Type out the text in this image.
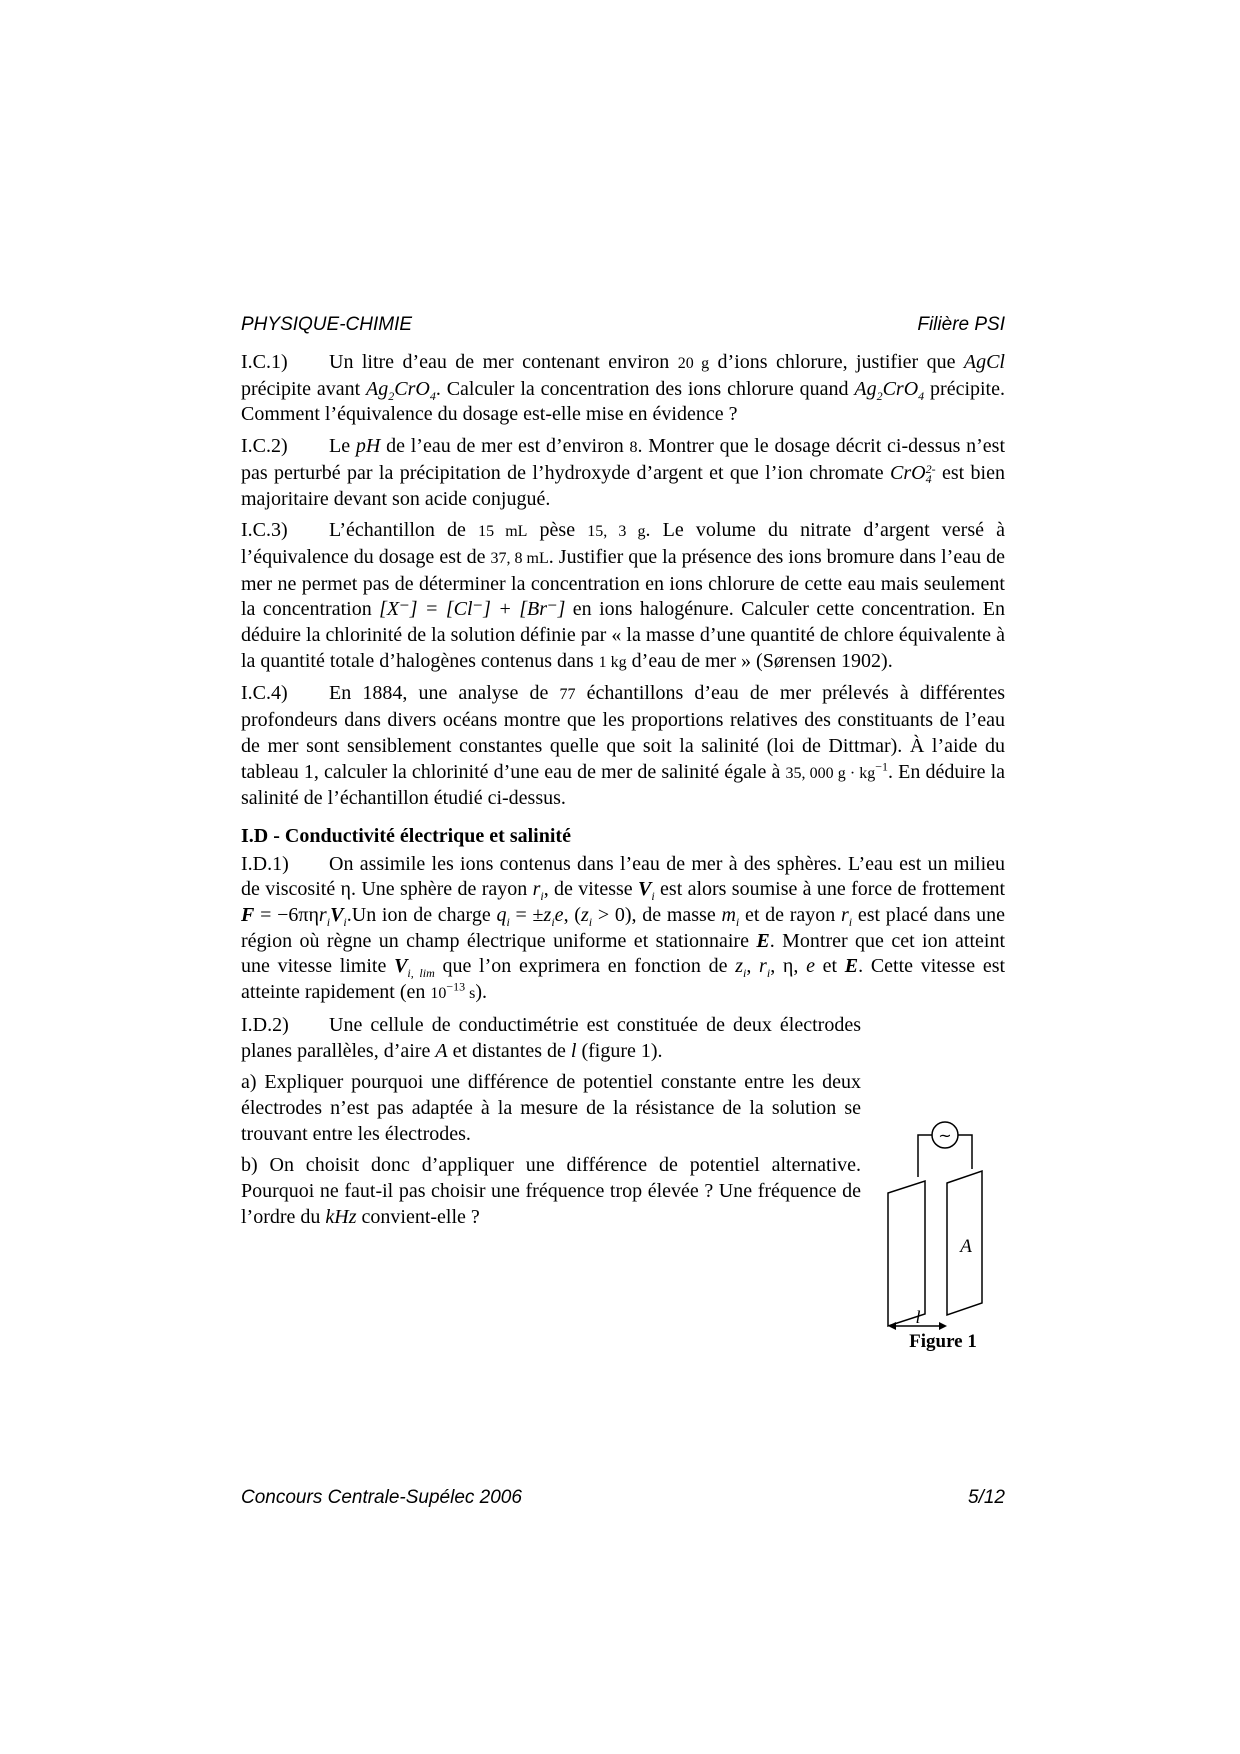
PHYSIQUE-CHIMIE	Filière PSI

I.C.1) Un litre d’eau de mer contenant environ 20 g d’ions chlorure, justifier que AgCl précipite avant $Ag_2CrO_4$. Calculer la concentration des ions chlorure quand $Ag_2CrO_4$ précipite. Comment l’équivalence du dosage est-elle mise en évidence ?

I.C.2) Le pH de l’eau de mer est d’environ 8. Montrer que le dosage décrit ci-dessus n’est pas perturbé par la précipitation de l’hydroxyde d’argent et que l’ion chromate CrO 2-
4 est bien majoritaire devant son acide conjugué.

I.C.3) L’échantillon de 15 mL pèse 15, 3 g. Le volume du nitrate d’argent versé à l’équivalence du dosage est de 37, 8 mL. Justifier que la présence des ions bromure dans l’eau de mer ne permet pas de déterminer la concentration en ions chlorure de cette eau mais seulement la concentration [X⁻] = [Cl⁻] + [Br⁻] en ions halogénure. Calculer cette concentration. En déduire la chlorinité de la solution définie par « la masse d’une quantité de chlore équivalente à la quantité totale d’halogènes contenus dans 1 kg d’eau de mer » (Sørensen 1902).

I.C.4) En 1884, une analyse de 77 échantillons d’eau de mer prélevés à différentes profondeurs dans divers océans montre que les proportions relatives des constituants de l’eau de mer sont sensiblement constantes quelle que soit la salinité (loi de Dittmar). À l’aide du tableau 1, calculer la chlorinité d’une eau de mer de salinité égale à 35, 000 $g \cdot kg^{-1}$. En déduire la salinité de l’échantillon étudié ci-dessus.

I.D - Conductivité électrique et salinité

I.D.1) On assimile les ions contenus dans l’eau de mer à des sphères. L’eau est un milieu de viscosité η. Une sphère de rayon $r_i$, de vitesse $V_i$ est alors soumise à une force de frottement $F = -6\pi\eta r_iV_i.Un$ ion de charge $q_i = \pm z_ie$, $(z_i > 0)$, de masse $m_i$ et de rayon $r_i$ est placé dans une région où règne un champ électrique uniforme et stationnaire E. Montrer que cet ion atteint une vitesse limite $V_{i, lim}$ que l’on exprimera en fonction de $z_i$, $r_i$, η, e et E. Cette vitesse est atteinte rapidement (en $10^{-13}$ s).

I.D.2) Une cellule de conductimétrie est constituée de deux électrodes planes parallèles, d’aire A et distantes de l (figure 1).

a) Expliquer pourquoi une différence de potentiel constante entre les deux électrodes n’est pas adaptée à la mesure de la résistance de la solution se trouvant entre les électrodes.

b) On choisit donc d’appliquer une différence de potentiel alternative. Pourquoi ne faut-il pas choisir une fréquence trop élevée ? Une fréquence de l’ordre du kHz convient-elle ?

~
A
l
Figure 1
Concours Centrale-Supélec 2006	5/12
